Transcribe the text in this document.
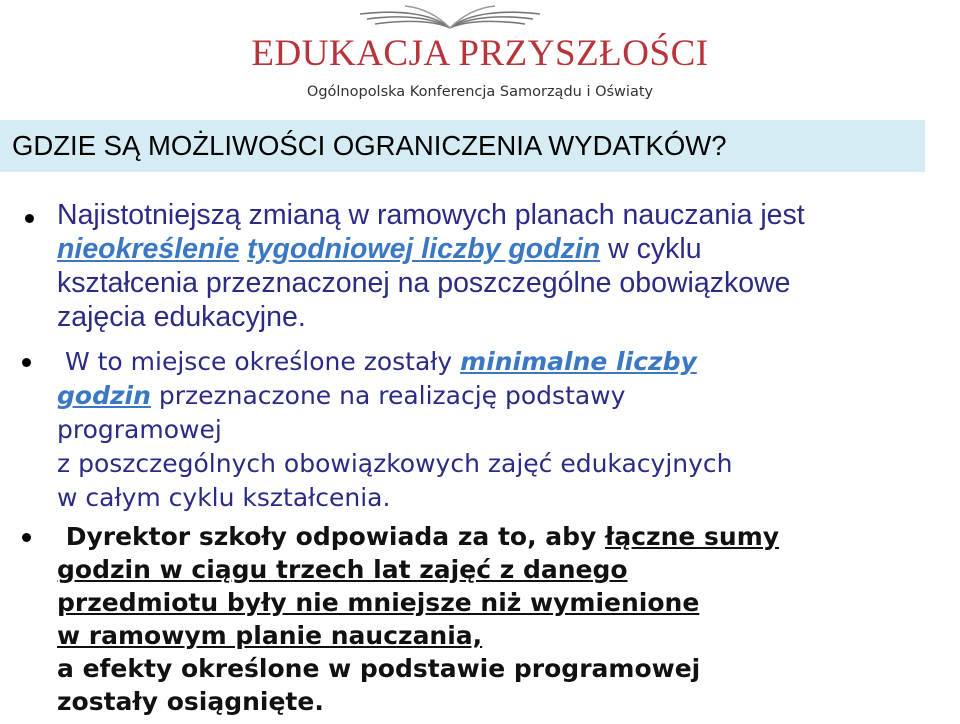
EDUKACJA PRZYSZŁOŚCI
Ogólnopolska Konferencja Samorządu i Oświaty
GDZIE SĄ MOŻLIWOŚCI OGRANICZENIA WYDATKÓW?
Najistotniejszą zmianą w ramowych planach nauczania jest
nieokreślenie tygodniowej liczby godzin w cyklu
kształcenia przeznaczonej na poszczególne obowiązkowe
zajęcia edukacyjne.
W to miejsce określone zostały minimalne liczby
godzin przeznaczone na realizację podstawy
programowej
z poszczególnych obowiązkowych zajęć edukacyjnych
w całym cyklu kształcenia.
Dyrektor szkoły odpowiada za to, aby łączne sumy
godzin w ciągu trzech lat zajęć z danego
przedmiotu były nie mniejsze niż wymienione
w ramowym planie nauczania,
a efekty określone w podstawie programowej
zostały osiągnięte.
